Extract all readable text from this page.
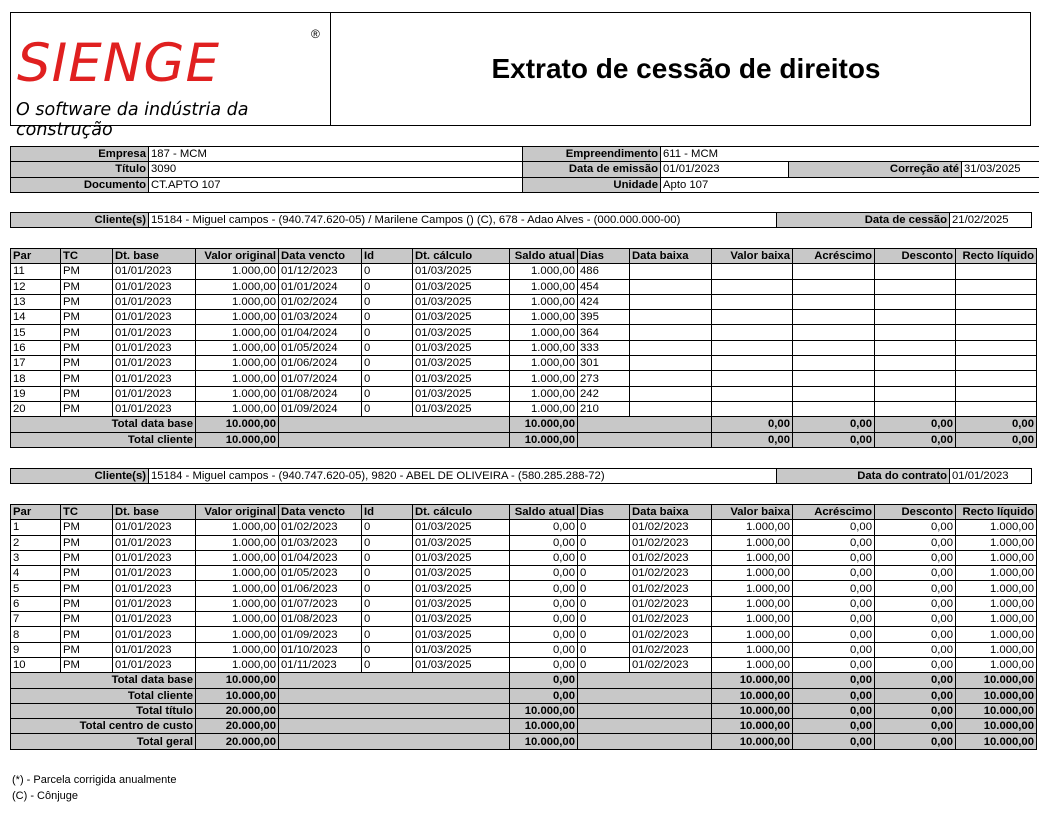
sienge	®
O software da indústria da construção
Extrato de cessão de direitos
Empresa	187 - MCM	Empreendimento	611 - MCM		
Título	3090	Data de emissão	01/01/2023	Correção até	31/03/2025
Documento	CT.APTO 107	Unidade	Apto 107		
Cliente(s)	15184 - Miguel campos - (940.747.620-05) / Marilene Campos () (C), 678 - Adao Alves - (000.000.000-00)	Data de cessão	21/02/2025
Par	TC	Dt. base	Valor original	Data vencto	Id	Dt. cálculo	Saldo atual	Dias	Data baixa	Valor baixa	Acréscimo	Desconto	Recto líquido
11	PM	01/01/2023	1.000,00	01/12/2023	0	01/03/2025	1.000,00	486					
12	PM	01/01/2023	1.000,00	01/01/2024	0	01/03/2025	1.000,00	454					
13	PM	01/01/2023	1.000,00	01/02/2024	0	01/03/2025	1.000,00	424					
14	PM	01/01/2023	1.000,00	01/03/2024	0	01/03/2025	1.000,00	395					
15	PM	01/01/2023	1.000,00	01/04/2024	0	01/03/2025	1.000,00	364					
16	PM	01/01/2023	1.000,00	01/05/2024	0	01/03/2025	1.000,00	333					
17	PM	01/01/2023	1.000,00	01/06/2024	0	01/03/2025	1.000,00	301					
18	PM	01/01/2023	1.000,00	01/07/2024	0	01/03/2025	1.000,00	273					
19	PM	01/01/2023	1.000,00	01/08/2024	0	01/03/2025	1.000,00	242					
20	PM	01/01/2023	1.000,00	01/09/2024	0	01/03/2025	1.000,00	210					
Total data base			10.000,00				10.000,00			0,00	0,00	0,00	0,00
Total cliente			10.000,00				10.000,00			0,00	0,00	0,00	0,00
Cliente(s)	15184 - Miguel campos - (940.747.620-05), 9820 - ABEL DE OLIVEIRA - (580.285.288-72)	Data do contrato	01/01/2023
Par	TC	Dt. base	Valor original	Data vencto	Id	Dt. cálculo	Saldo atual	Dias	Data baixa	Valor baixa	Acréscimo	Desconto	Recto líquido
1	PM	01/01/2023	1.000,00	01/02/2023	0	01/03/2025	0,00	0	01/02/2023	1.000,00	0,00	0,00	1.000,00
2	PM	01/01/2023	1.000,00	01/03/2023	0	01/03/2025	0,00	0	01/02/2023	1.000,00	0,00	0,00	1.000,00
3	PM	01/01/2023	1.000,00	01/04/2023	0	01/03/2025	0,00	0	01/02/2023	1.000,00	0,00	0,00	1.000,00
4	PM	01/01/2023	1.000,00	01/05/2023	0	01/03/2025	0,00	0	01/02/2023	1.000,00	0,00	0,00	1.000,00
5	PM	01/01/2023	1.000,00	01/06/2023	0	01/03/2025	0,00	0	01/02/2023	1.000,00	0,00	0,00	1.000,00
6	PM	01/01/2023	1.000,00	01/07/2023	0	01/03/2025	0,00	0	01/02/2023	1.000,00	0,00	0,00	1.000,00
7	PM	01/01/2023	1.000,00	01/08/2023	0	01/03/2025	0,00	0	01/02/2023	1.000,00	0,00	0,00	1.000,00
8	PM	01/01/2023	1.000,00	01/09/2023	0	01/03/2025	0,00	0	01/02/2023	1.000,00	0,00	0,00	1.000,00
9	PM	01/01/2023	1.000,00	01/10/2023	0	01/03/2025	0,00	0	01/02/2023	1.000,00	0,00	0,00	1.000,00
10	PM	01/01/2023	1.000,00	01/11/2023	0	01/03/2025	0,00	0	01/02/2023	1.000,00	0,00	0,00	1.000,00
Total data base			10.000,00				0,00			10.000,00	0,00	0,00	10.000,00
Total cliente			10.000,00				0,00			10.000,00	0,00	0,00	10.000,00
Total título			20.000,00				10.000,00			10.000,00	0,00	0,00	10.000,00
Total centro de custo			20.000,00				10.000,00			10.000,00	0,00	0,00	10.000,00
Total geral			20.000,00				10.000,00			10.000,00	0,00	0,00	10.000,00
(*) - Parcela corrigida anualmente
(C) - Cônjuge
